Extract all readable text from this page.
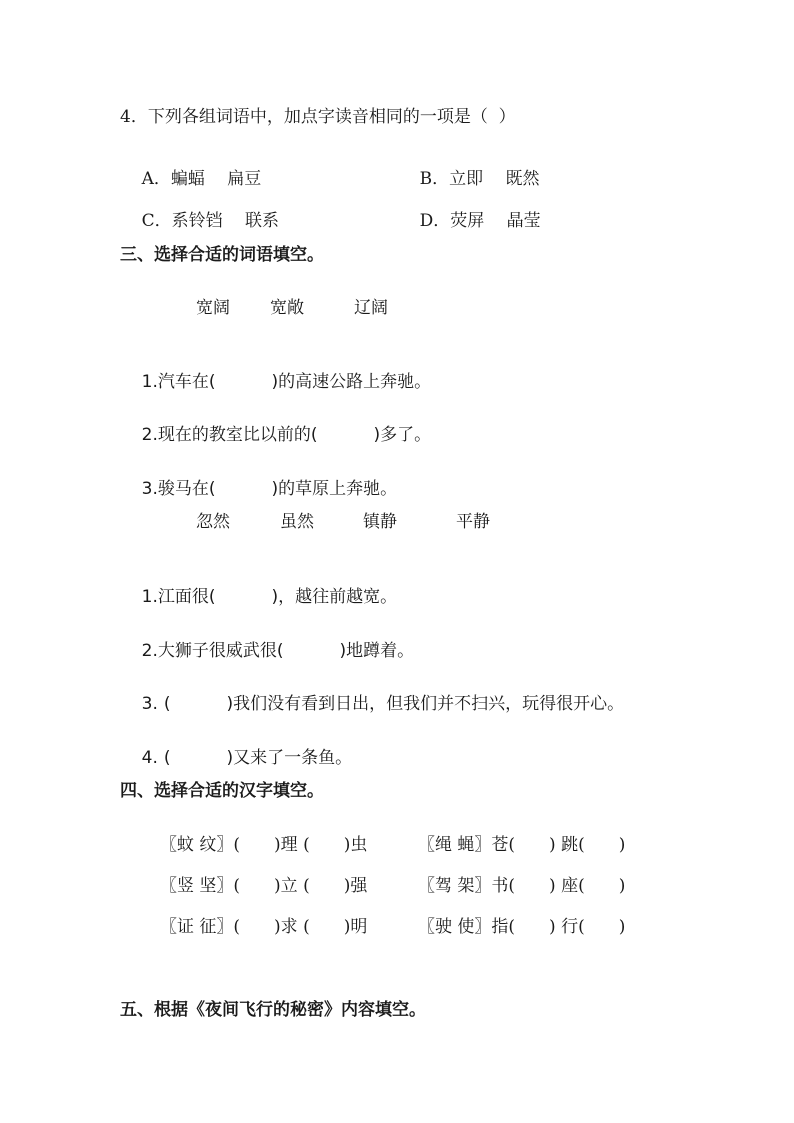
4．下列各组词语中，加点字读音相同的一项是（  ）

A．蝙蝠　 扁豆
	B．立即　 既然

C．系铃铛　 联系
	D．荧屏　 晶莹

三、选择合适的词语填空。
宽阔 宽敞	辽阔

1.汽车在(	)的高速公路上奔驰。

2.现在的教室比以前的(	)多了。

3.骏马在(	)的草原上奔驰。

忽然	虽然	镇静	平静

1.江面很(	)，越往前越宽。

2.大狮子很威武很(	)地蹲着。

3. (	)我们没有看到日出，但我们并不扫兴，玩得很开心。

4. (	)又来了一条鱼。

四、选择合适的汉字填空。
〖蚊 纹〗(　　)理 (　　)虫	〖绳 蝇〗苍(　　) 跳(　　)
〖竖 坚〗(　　)立 (　　)强	〖驾 架〗书(　　) 座(　　)
〖证 征〗(　　)求 (　　)明	〖驶 使〗指(　　) 行(　　)
五、根据《夜间飞行的秘密》内容填空。
